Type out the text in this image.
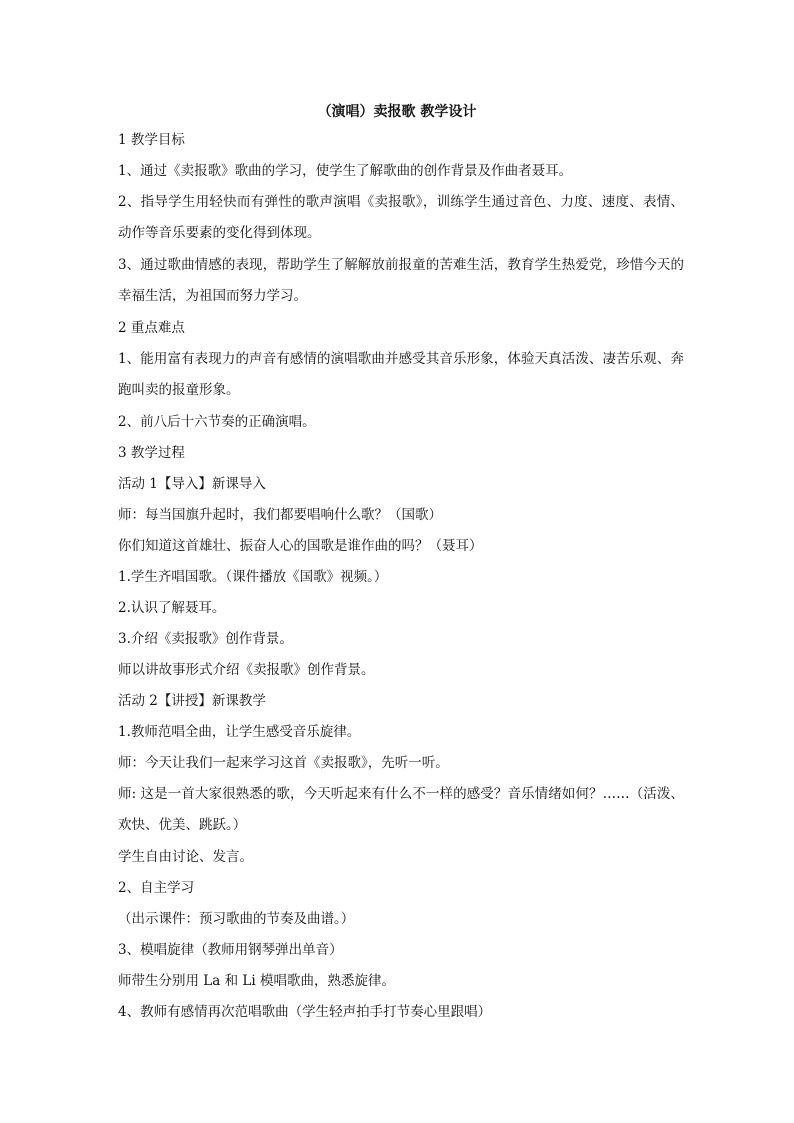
（演唱）卖报歌 教学设计
1 教学目标
1、通过《卖报歌》歌曲的学习，使学生了解歌曲的创作背景及作曲者聂耳。
2、指导学生用轻快而有弹性的歌声演唱《卖报歌》，训练学生通过音色、力度、速度、表情、动作等音乐要素的变化得到体现。
3、通过歌曲情感的表现，帮助学生了解解放前报童的苦难生活，教育学生热爱党，珍惜今天的幸福生活，为祖国而努力学习。
2 重点难点
1、能用富有表现力的声音有感情的演唱歌曲并感受其音乐形象，体验天真活泼、凄苦乐观、奔跑叫卖的报童形象。
2、前八后十六节奏的正确演唱。
3 教学过程
活动 1【导入】新课导入
师：每当国旗升起时，我们都要唱响什么歌？（国歌）
你们知道这首雄壮、振奋人心的国歌是谁作曲的吗？（聂耳）
1.学生齐唱国歌。（课件播放《国歌》视频。）
2.认识了解聂耳。
3.介绍《卖报歌》创作背景。
师以讲故事形式介绍《卖报歌》创作背景。
活动 2【讲授】新课教学
1.教师范唱全曲，让学生感受音乐旋律。
师：今天让我们一起来学习这首《卖报歌》，先听一听。
师: 这是一首大家很熟悉的歌，今天听起来有什么不一样的感受？音乐情绪如何？……（活泼、欢快、优美、跳跃。）
学生自由讨论、发言。
2、自主学习
（出示课件：预习歌曲的节奏及曲谱。）
3、模唱旋律（教师用钢琴弹出单音）
师带生分别用 La 和 Li 模唱歌曲，熟悉旋律。
4、教师有感情再次范唱歌曲（学生轻声拍手打节奏心里跟唱）
